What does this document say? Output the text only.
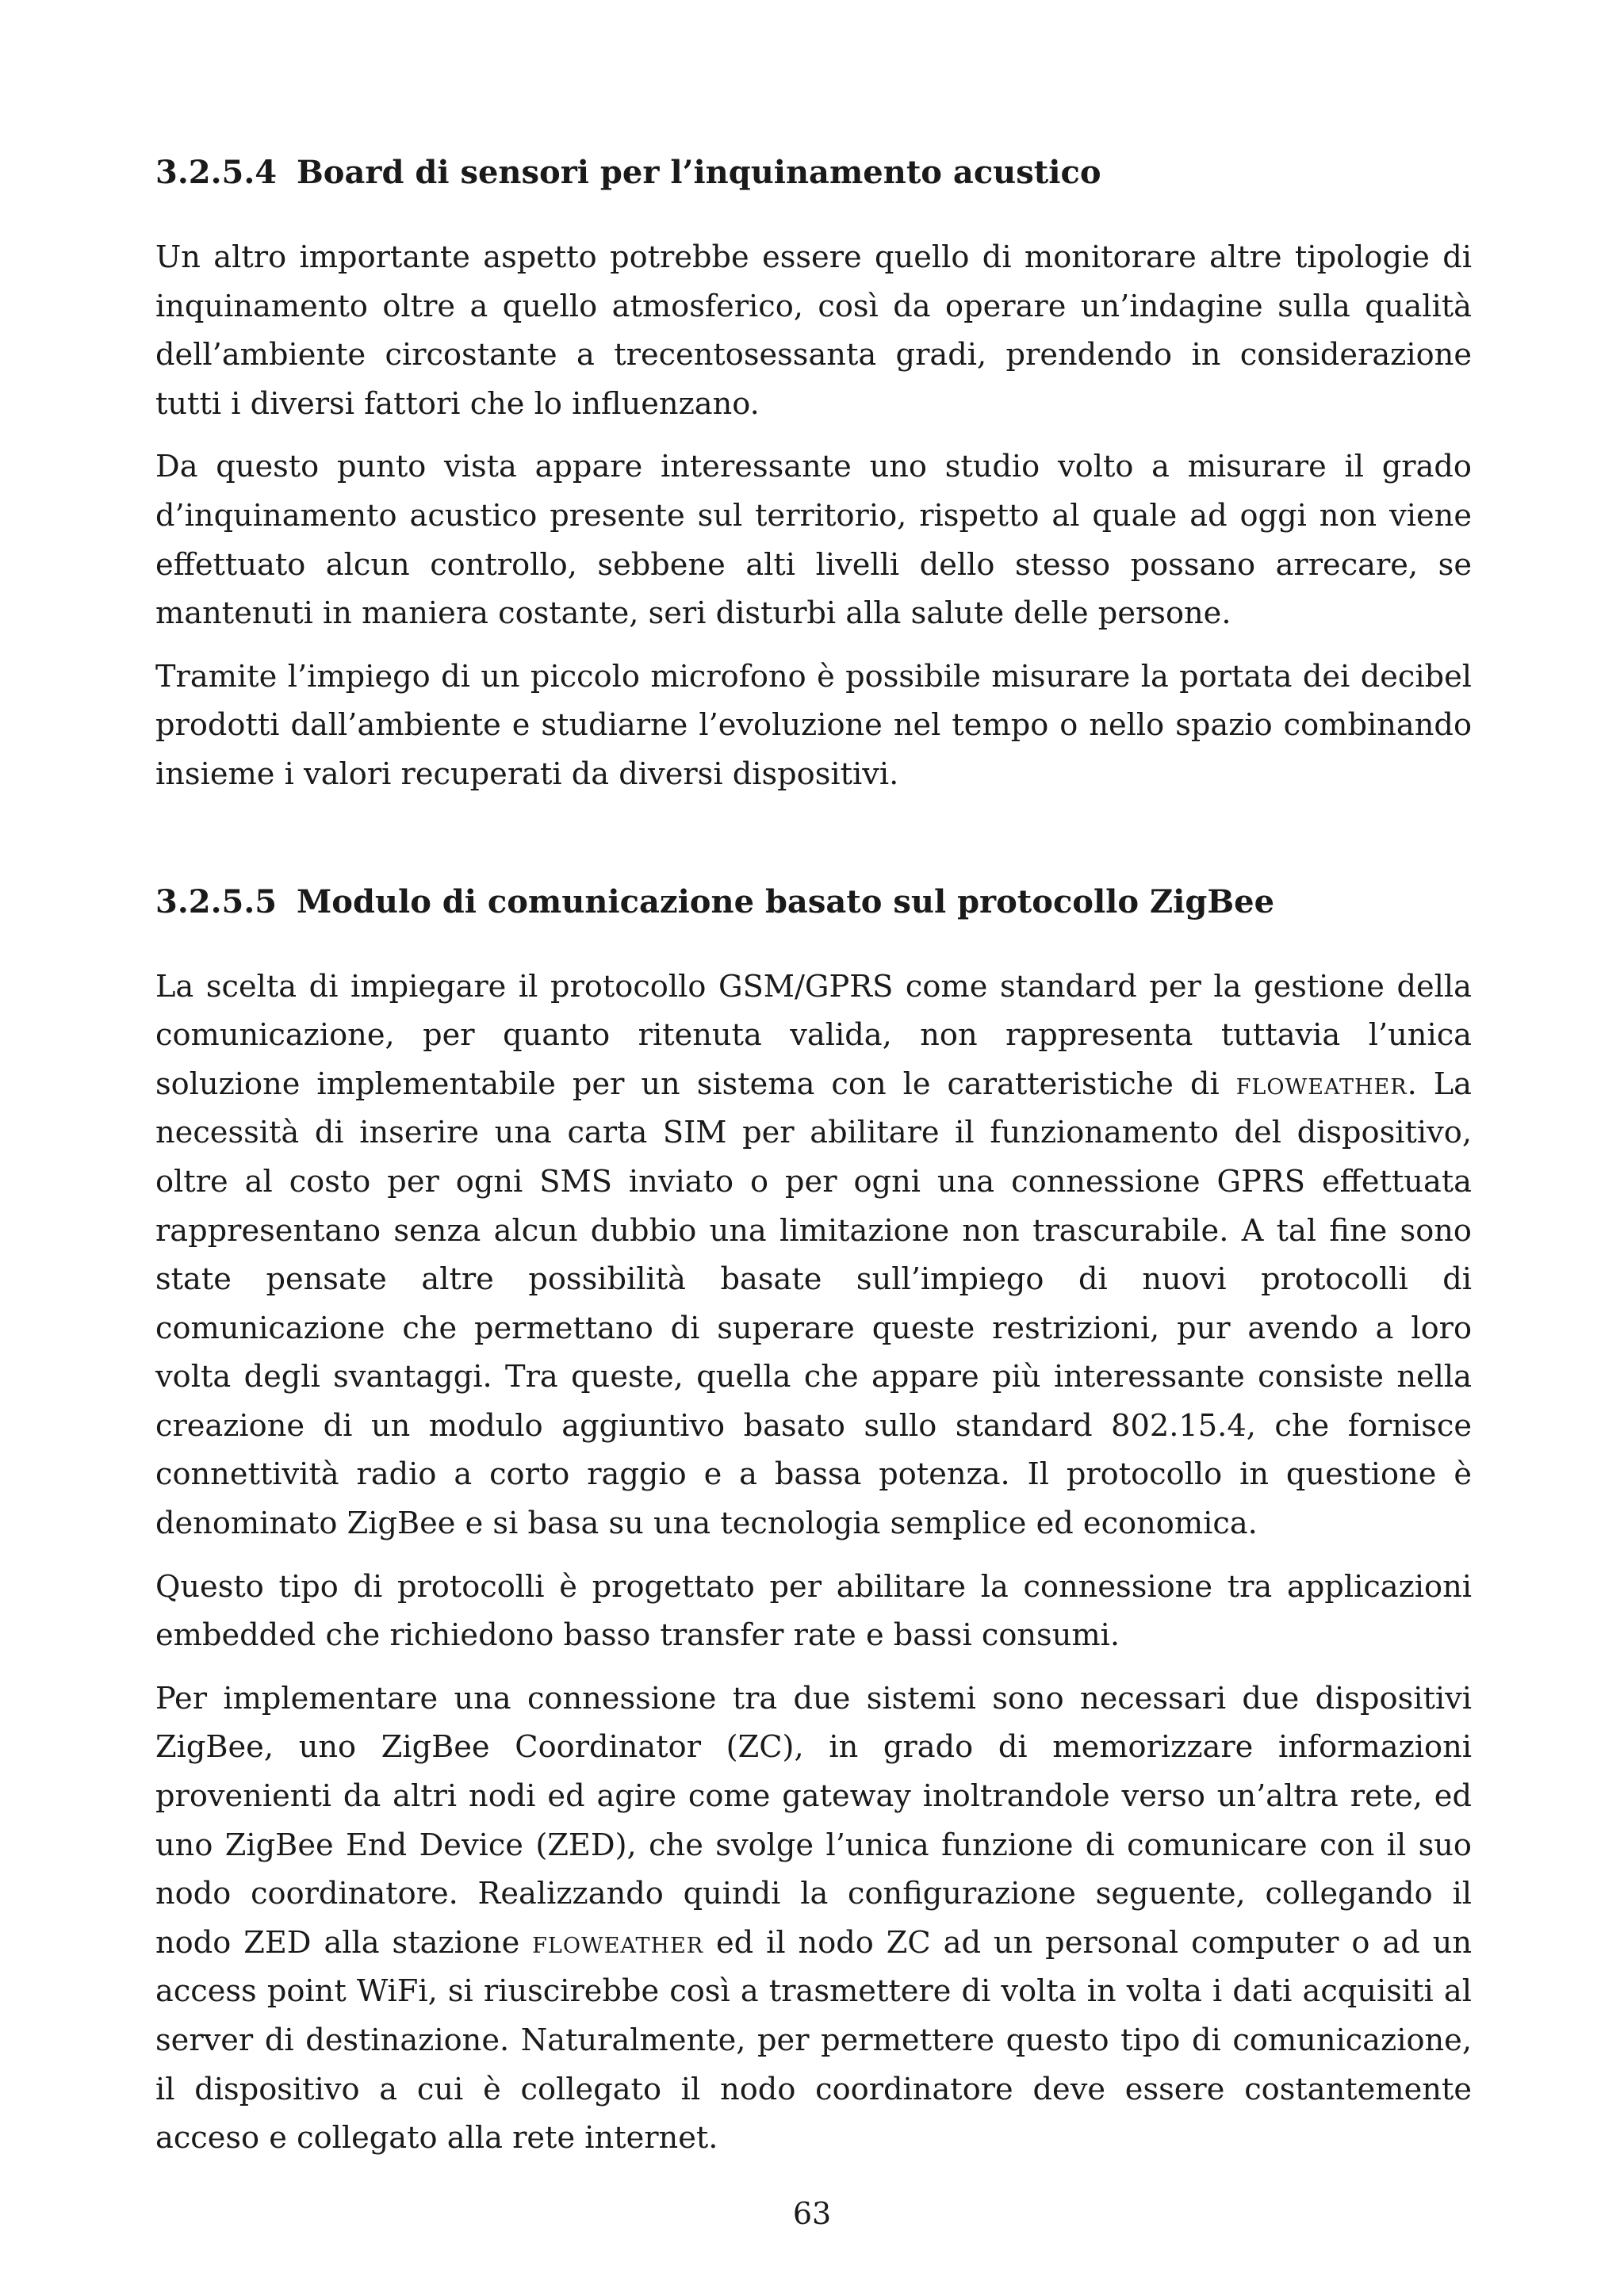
3.2.5.4 Board di sensori per l’inquinamento acustico

Un altro importante aspetto potrebbe essere quello di monitorare altre tipologie di inquinamento oltre a quello atmosferico, così da operare un’indagine sulla qualità dell’ambiente circostante a trecentosessanta gradi, prendendo in considerazione tutti i diversi fattori che lo influenzano.

Da questo punto vista appare interessante uno studio volto a misurare il grado d’inquinamento acustico presente sul territorio, rispetto al quale ad oggi non viene effettuato alcun controllo, sebbene alti livelli dello stesso possano arrecare, se mantenuti in maniera costante, seri disturbi alla salute delle persone.

Tramite l’impiego di un piccolo microfono è possibile misurare la portata dei decibel prodotti dall’ambiente e studiarne l’evoluzione nel tempo o nello spazio combinando insieme i valori recuperati da diversi dispositivi.

3.2.5.5 Modulo di comunicazione basato sul protocollo ZigBee

La scelta di impiegare il protocollo GSM/GPRS come standard per la gestione della comunicazione, per quanto ritenuta valida, non rappresenta tuttavia l’unica soluzione implementabile per un sistema con le caratteristiche di floweather. La necessità di inserire una carta SIM per abilitare il funzionamento del dispositivo, oltre al costo per ogni SMS inviato o per ogni una connessione GPRS effettuata rappresentano senza alcun dubbio una limitazione non trascurabile. A tal fine sono state pensate altre possibilità basate sull’impiego di nuovi protocolli di comunicazione che permettano di superare queste restrizioni, pur avendo a loro volta degli svantaggi. Tra queste, quella che appare più interessante consiste nella creazione di un modulo aggiuntivo basato sullo standard 802.15.4, che fornisce connettività radio a corto raggio e a bassa potenza. Il protocollo in questione è denominato ZigBee e si basa su una tecnologia semplice ed economica.

Questo tipo di protocolli è progettato per abilitare la connessione tra applicazioni embedded che richiedono basso transfer rate e bassi consumi.

Per implementare una connessione tra due sistemi sono necessari due dispositivi ZigBee, uno ZigBee Coordinator (ZC), in grado di memorizzare informazioni provenienti da altri nodi ed agire come gateway inoltrandole verso un’altra rete, ed uno ZigBee End Device (ZED), che svolge l’unica funzione di comunicare con il suo nodo coordinatore. Realizzando quindi la configurazione seguente, collegando il nodo ZED alla stazione floweather ed il nodo ZC ad un personal computer o ad un access point WiFi, si riuscirebbe così a trasmettere di volta in volta i dati acquisiti al server di destinazione. Naturalmente, per permettere questo tipo di comunicazione, il dispositivo a cui è collegato il nodo coordinatore deve essere costantemente acceso e collegato alla rete internet.

63
